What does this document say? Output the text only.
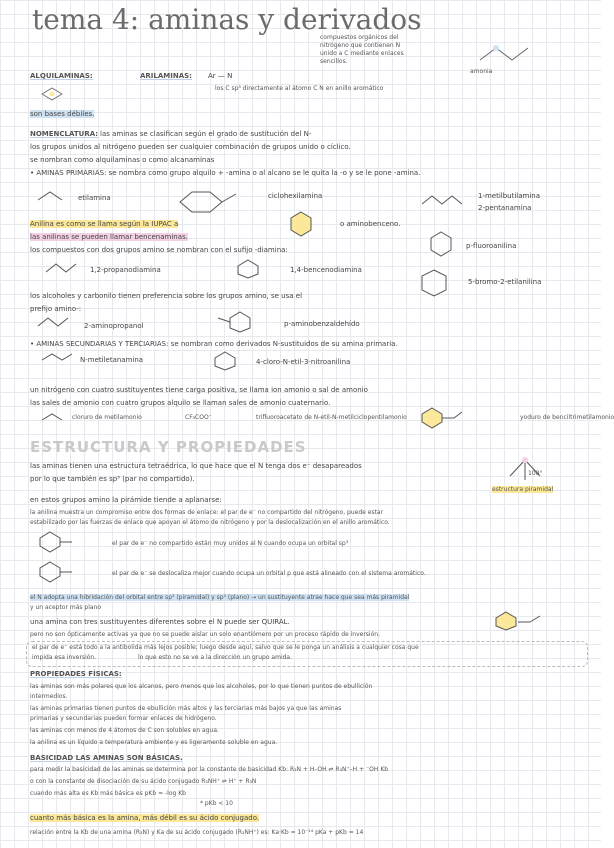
tema 4: aminas y derivados
compuestos orgánicos del
nitrógeno que contienen N
unido a C mediante enlaces
sencillos.
amonia
ALQUILAMINAS:	ARILAMINAS: Ar — N
los C sp³ directamente al átomo C N en anillo aromático
son bases débiles.
NOMENCLATURA: las aminas se clasifican según el grado de sustitución del N-
los grupos unidos al nitrógeno pueden ser cualquier combinación de grupos unido o cíclico.
se nombran como alquilaminas o como alcanaminas
• AMINAS PRIMARIAS: se nombra como grupo alquilo + -amina o al alcano se le quita la -o y se le pone -amina.
etilamina	ciclohexilamina	1-metilbutilamina
2-pentanamina
Anilina es como se llama según la IUPAC a	o aminobenceno.
las anilinas se pueden llamar bencenaminas.
p-fluoroanilina
los compuestos con dos grupos amino se nombran con el sufijo -diamina:
1,2-propanodiamina	1,4-bencenodiamina
5-bromo-2-etilanilina
los alcoholes y carbonilo tienen preferencia sobre los grupos amino, se usa el
prefijo amino-:
2-aminopropanol	p-aminobenzaldehído
• AMINAS SECUNDARIAS Y TERCIARIAS: se nombran como derivados N-sustituidos de su amina primaria.
N-metiletanamina	4-cloro-N-etil-3-nitroanilina
un nitrógeno con cuatro sustituyentes tiene carga positiva, se llama ion amonio o sal de amonio
las sales de amonio con cuatro grupos alquilo se llaman sales de amonio cuaternario.
cloruro de metilamonio	CF₃COO⁻	trifluoroacetato de N-etil-N-metilciclopentilamonio	yoduro de benciltrimetilamonio
ESTRUCTURA Y PROPIEDADES
las aminas tienen una estructura tetraédrica, lo que hace que el N tenga dos e⁻ desapareados
por lo que también es sp³ (par no compartido).
estructura piramidal
108°
en estos grupos amino la pirámide tiende a aplanarse:
la anilina muestra un compromiso entre dos formas de enlace: el par de e⁻ no compartido del nitrógeno, puede estar
estabilizado por las fuerzas de enlace que apoyan el átomo de nitrógeno y por la deslocalización en el anillo aromático.
el par de e⁻ no compartido están muy unidos al N cuando ocupa un orbital sp³
el par de e⁻ se deslocaliza mejor cuando ocupa un orbital p que está alineado con el sistema aromático.
el N adopta una hibridación del orbital entre sp³ (piramidal) y sp² (plano) → un sustituyente atrae hace que sea más piramidal
y un aceptor más plano
una amina con tres sustituyentes diferentes sobre el N puede ser QUIRAL.
pero no son ópticamente activas ya que no se puede aislar un solo enantiómero por un proceso rápido de inversión.
el par de e⁻ está todo a la antibolida más lejos posible; luego desde aquí, salvo que se le ponga un análisis a cualquier cosa que
impida esa inversión.	lo que esto no se ve a la dirección un grupo amida.
PROPIEDADES FÍSICAS:
las aminas son más polares que los alcanos, pero menos que los alcoholes, por lo que tienen puntos de ebullición
intermedios.
las aminas primarias tienen puntos de ebullición más altos y las terciarias más bajos ya que las aminas
primarias y secundarias pueden formar enlaces de hidrógeno.
las aminas con menos de 4 átomos de C son solubles en agua.
la anilina es un líquido a temperatura ambiente y es ligeramente soluble en agua.
BASICIDAD LAS AMINAS SON BÁSICAS.
para medir la basicidad de las aminas se determina por la constante de basicidad Kb: R₃N + H–OH ⇌ R₃N⁺–H + ⁻OH Kb
o con la constante de disociación de su ácido conjugado R₃NH⁺ ⇌ H⁺ + R₃N
cuando más alta es Kb más básica es pKb = -log Kb
* pKb < 10
cuanto más básica es la amina, más débil es su ácido conjugado.
relación entre la Kb de una amina (R₃N) y Ka de su ácido conjugado (R₃NH⁺) es: Ka·Kb = 10⁻¹⁴ pKa + pKb = 14
